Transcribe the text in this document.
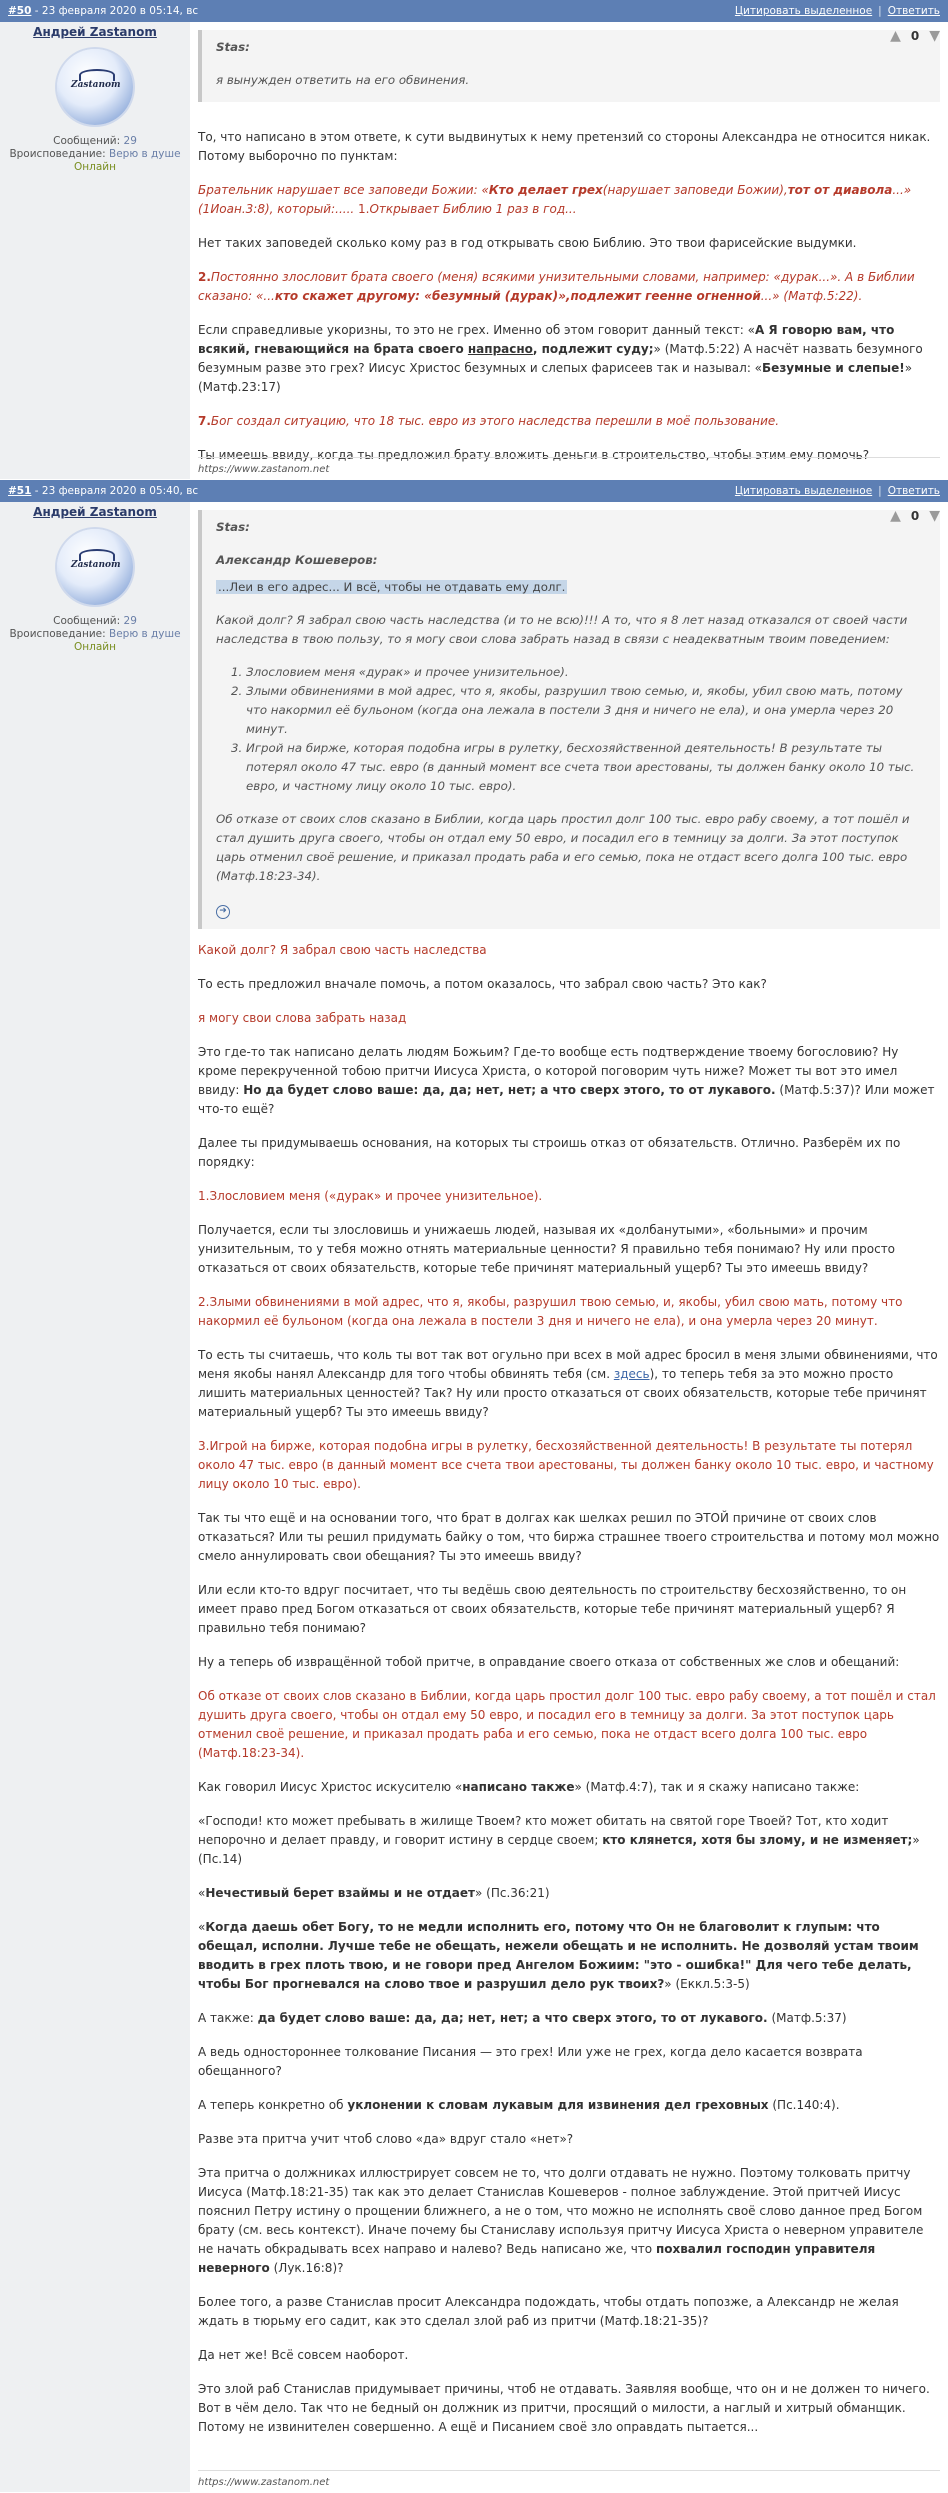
#50 - 23 февраля 2020 в 05:14, вс	Цитировать выделенное | Ответить
Андрей Zastanom
Zastanom
Сообщений: 29
Вроисповедание: Верю в душе
Онлайн
▲ 0 ▼
Stas:
я вынужден ответить на его обвинения.

То, что написано в этом ответе, к сути выдвинутых к нему претензий со стороны Александра не относится никак. Потому выборочно по пунктам:

Брательник нарушает все заповеди Божии: «Кто делает грех(нарушает заповеди Божии),тот от диавола...» (1Иоан.3:8), который:..... 1.Открывает Библию 1 раз в год...

Нет таких заповедей сколько кому раз в год открывать свою Библию. Это твои фарисейские выдумки.

2.Постоянно злословит брата своего (меня) всякими унизительными словами, например: «дурак...». А в Библии сказано: «...кто скажет другому: «безумный (дурак)»,подлежит геенне огненной...» (Матф.5:22).

Если справедливые укоризны, то это не грех. Именно об этом говорит данный текст: «А Я говорю вам, что всякий, гневающийся на брата своего напрасно, подлежит суду;» (Матф.5:22) А насчёт назвать безумного безумным разве это грех? Иисус Христос безумных и слепых фарисеев так и называл: «Безумные и слепые!» (Матф.23:17)

7.Бог создал ситуацию, что 18 тыс. евро из этого наследства перешли в моё пользование.

Ты имеешь ввиду, когда ты предложил брату вложить деньги в строительство, чтобы этим ему помочь?

https://www.zastanom.net
#51 - 23 февраля 2020 в 05:40, вс	Цитировать выделенное | Ответить
Андрей Zastanom
Zastanom
Сообщений: 29
Вроисповедание: Верю в душе
Онлайн
▲ 0 ▼
Stas:
Александр Кошеверов:

...Леи в его адрес... И всё, чтобы не отдавать ему долг.

Какой долг? Я забрал свою часть наследства (и то не всю)!!! А то, что я 8 лет назад отказался от своей части наследства в твою пользу, то я могу свои слова забрать назад в связи с неадекватным твоим поведением:

1. Злословием меня «дурак» и прочее унизительное).
2. Злыми обвинениями в мой адрес, что я, якобы, разрушил твою семью, и, якобы, убил свою мать, потому что накормил её бульоном (когда она лежала в постели 3 дня и ничего не ела), и она умерла через 20 минут.
3. Игрой на бирже, которая подобна игры в рулетку, бесхозяйственной деятельность! В результате ты потерял около 47 тыс. евро (в данный момент все счета твои арестованы, ты должен банку около 10 тыс. евро, и частному лицу около 10 тыс. евро).

Об отказе от своих слов сказано в Библии, когда царь простил долг 100 тыс. евро рабу своему, а тот пошёл и стал душить друга своего, чтобы он отдал ему 50 евро, и посадил его в темницу за долги. За этот поступок царь отменил своё решение, и приказал продать раба и его семью, пока не отдаст всего долга 100 тыс. евро (Матф.18:23-34).

➜

Какой долг? Я забрал свою часть наследства

То есть предложил вначале помочь, а потом оказалось, что забрал свою часть? Это как?

я могу свои слова забрать назад

Это где-то так написано делать людям Божьим? Где-то вообще есть подтверждение твоему богословию? Ну кроме перекрученной тобою притчи Иисуса Христа, о которой поговорим чуть ниже? Может ты вот это имел ввиду: Но да будет слово ваше: да, да; нет, нет; а что сверх этого, то от лукавого. (Матф.5:37)? Или может что-то ещё?

Далее ты придумываешь основания, на которых ты строишь отказ от обязательств. Отлично. Разберём их по порядку:

1.Злословием меня («дурак» и прочее унизительное).

Получается, если ты злословишь и унижаешь людей, называя их «долбанутыми», «больными» и прочим унизительным, то у тебя можно отнять материальные ценности? Я правильно тебя понимаю? Ну или просто отказаться от своих обязательств, которые тебе причинят материальный ущерб? Ты это имеешь ввиду?

2.Злыми обвинениями в мой адрес, что я, якобы, разрушил твою семью, и, якобы, убил свою мать, потому что накормил её бульоном (когда она лежала в постели 3 дня и ничего не ела), и она умерла через 20 минут.

То есть ты считаешь, что коль ты вот так вот огульно при всех в мой адрес бросил в меня злыми обвинениями, что меня якобы нанял Александр для того чтобы обвинять тебя (см. здесь), то теперь тебя за это можно просто лишить материальных ценностей? Так? Ну или просто отказаться от своих обязательств, которые тебе причинят материальный ущерб? Ты это имеешь ввиду?

3.Игрой на бирже, которая подобна игры в рулетку, бесхозяйственной деятельность! В результате ты потерял около 47 тыс. евро (в данный момент все счета твои арестованы, ты должен банку около 10 тыс. евро, и частному лицу около 10 тыс. евро).

Так ты что ещё и на основании того, что брат в долгах как шелках решил по ЭТОЙ причине от своих слов отказаться? Или ты решил придумать байку о том, что биржа страшнее твоего строительства и потому мол можно смело аннулировать свои обещания? Ты это имеешь ввиду?

Или если кто-то вдруг посчитает, что ты ведёшь свою деятельность по строительству бесхозяйственно, то он имеет право пред Богом отказаться от своих обязательств, которые тебе причинят материальный ущерб? Я правильно тебя понимаю?

Ну а теперь об извращённой тобой притче, в оправдание своего отказа от собственных же слов и обещаний:

Об отказе от своих слов сказано в Библии, когда царь простил долг 100 тыс. евро рабу своему, а тот пошёл и стал душить друга своего, чтобы он отдал ему 50 евро, и посадил его в темницу за долги. За этот поступок царь отменил своё решение, и приказал продать раба и его семью, пока не отдаст всего долга 100 тыс. евро (Матф.18:23-34).

Как говорил Иисус Христос искусителю «написано также» (Матф.4:7), так и я скажу написано также:

«Господи! кто может пребывать в жилище Твоем? кто может обитать на святой горе Твоей? Тот, кто ходит непорочно и делает правду, и говорит истину в сердце своем; кто клянется, хотя бы злому, и не изменяет;» (Пс.14)

«Нечестивый берет взаймы и не отдает» (Пс.36:21)

«Когда даешь обет Богу, то не медли исполнить его, потому что Он не благоволит к глупым: что обещал, исполни. Лучше тебе не обещать, нежели обещать и не исполнить. Не дозволяй устам твоим вводить в грех плоть твою, и не говори пред Ангелом Божиим: "это - ошибка!" Для чего тебе делать, чтобы Бог прогневался на слово твое и разрушил дело рук твоих?» (Еккл.5:3-5)

А также: да будет слово ваше: да, да; нет, нет; а что сверх этого, то от лукавого. (Матф.5:37)

А ведь одностороннее толкование Писания — это грех! Или уже не грех, когда дело касается возврата обещанного?

А теперь конкретно об уклонении к словам лукавым для извинения дел греховных (Пс.140:4).

Разве эта притча учит чтоб слово «да» вдруг стало «нет»?

Эта притча о должниках иллюстрирует совсем не то, что долги отдавать не нужно. Поэтому толковать притчу Иисуса (Матф.18:21-35) так как это делает Станислав Кошеверов - полное заблуждение. Этой притчей Иисус пояснил Петру истину о прощении ближнего, а не о том, что можно не исполнять своё слово данное пред Богом брату (см. весь контекст). Иначе почему бы Станиславу используя притчу Иисуса Христа о неверном управителе не начать обкрадывать всех направо и налево? Ведь написано же, что похвалил господин управителя неверного (Лук.16:8)?

Более того, а разве Станислав просит Александра подождать, чтобы отдать попозже, а Александр не желая ждать в тюрьму его садит, как это сделал злой раб из притчи (Матф.18:21-35)?

Да нет же! Всё совсем наоборот.

Это злой раб Станислав придумывает причины, чтоб не отдавать. Заявляя вообще, что он и не должен то ничего. Вот в чём дело. Так что не бедный он должник из притчи, просящий о милости, а наглый и хитрый обманщик. Потому не извинителен совершенно. А ещё и Писанием своё зло оправдать пытается...

https://www.zastanom.net
